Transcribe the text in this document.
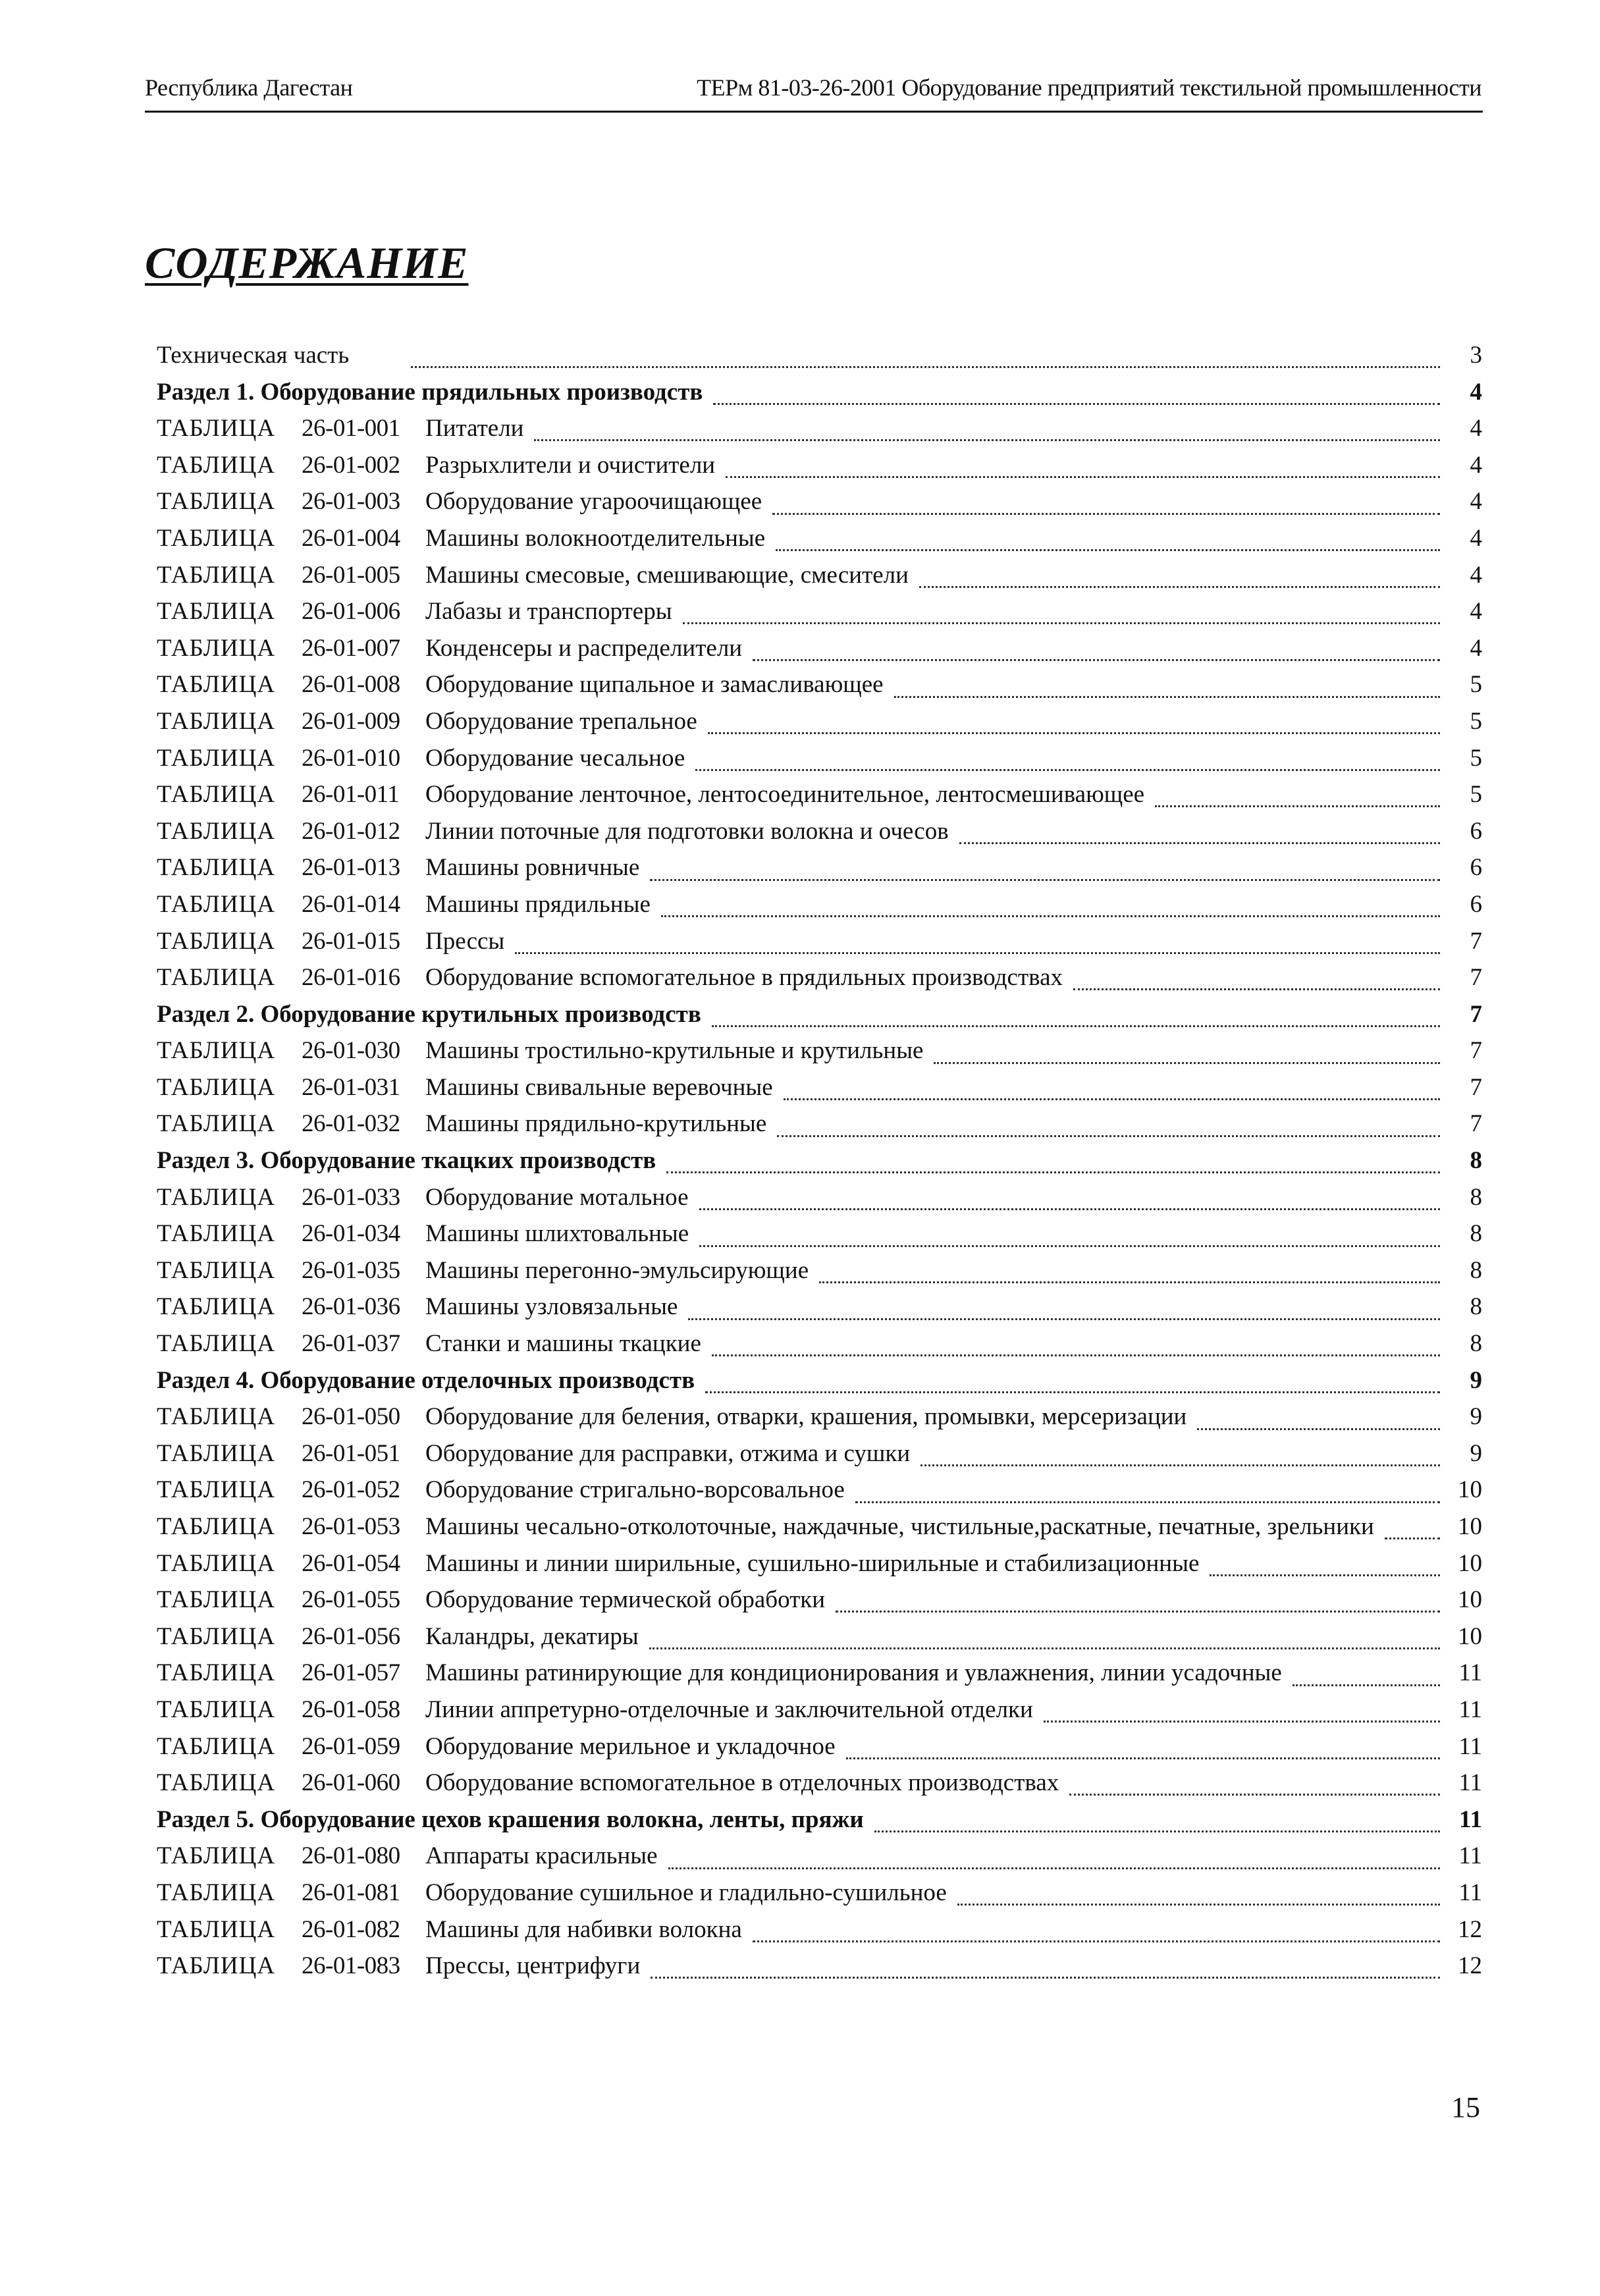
Республика Дагестан	ТЕРм 81-03-26-2001 Оборудование предприятий текстильной промышленности
СОДЕРЖАНИЕ
Техническая часть	3
Раздел 1. Оборудование прядильных производств	4
ТАБЛИЦА	26-01-001	Питатели	4
ТАБЛИЦА	26-01-002	Разрыхлители и очистители	4
ТАБЛИЦА	26-01-003	Оборудование угароочищающее	4
ТАБЛИЦА	26-01-004	Машины волокноотделительные	4
ТАБЛИЦА	26-01-005	Машины смесовые, смешивающие, смесители	4
ТАБЛИЦА	26-01-006	Лабазы и транспортеры	4
ТАБЛИЦА	26-01-007	Конденсеры и распределители	4
ТАБЛИЦА	26-01-008	Оборудование щипальное и замасливающее	5
ТАБЛИЦА	26-01-009	Оборудование трепальное	5
ТАБЛИЦА	26-01-010	Оборудование чесальное	5
ТАБЛИЦА	26-01-011	Оборудование ленточное, лентосоединительное, лентосмешивающее	5
ТАБЛИЦА	26-01-012	Линии поточные для подготовки волокна и очесов	6
ТАБЛИЦА	26-01-013	Машины ровничные	6
ТАБЛИЦА	26-01-014	Машины прядильные	6
ТАБЛИЦА	26-01-015	Прессы	7
ТАБЛИЦА	26-01-016	Оборудование вспомогательное в прядильных производствах	7
Раздел 2. Оборудование крутильных производств	7
ТАБЛИЦА	26-01-030	Машины тростильно-крутильные и крутильные	7
ТАБЛИЦА	26-01-031	Машины свивальные веревочные	7
ТАБЛИЦА	26-01-032	Машины прядильно-крутильные	7
Раздел 3. Оборудование ткацких производств	8
ТАБЛИЦА	26-01-033	Оборудование мотальное	8
ТАБЛИЦА	26-01-034	Машины шлихтовальные	8
ТАБЛИЦА	26-01-035	Машины перегонно-эмульсирующие	8
ТАБЛИЦА	26-01-036	Машины узловязальные	8
ТАБЛИЦА	26-01-037	Станки и машины ткацкие	8
Раздел 4. Оборудование отделочных производств	9
ТАБЛИЦА	26-01-050	Оборудование для беления, отварки, крашения, промывки, мерсеризации	9
ТАБЛИЦА	26-01-051	Оборудование для расправки, отжима и сушки	9
ТАБЛИЦА	26-01-052	Оборудование стригально-ворсовальное	10
ТАБЛИЦА	26-01-053	Машины чесально-отколоточные, наждачные, чистильные,раскатные, печатные, зрельники	10
ТАБЛИЦА	26-01-054	Машины и линии ширильные, сушильно-ширильные и стабилизационные	10
ТАБЛИЦА	26-01-055	Оборудование термической обработки	10
ТАБЛИЦА	26-01-056	Каландры, декатиры	10
ТАБЛИЦА	26-01-057	Машины ратинирующие для кондиционирования и увлажнения, линии усадочные	11
ТАБЛИЦА	26-01-058	Линии аппретурно-отделочные и заключительной отделки	11
ТАБЛИЦА	26-01-059	Оборудование мерильное и укладочное	11
ТАБЛИЦА	26-01-060	Оборудование вспомогательное в отделочных производствах	11
Раздел 5. Оборудование цехов крашения волокна, ленты, пряжи	11
ТАБЛИЦА	26-01-080	Аппараты красильные	11
ТАБЛИЦА	26-01-081	Оборудование сушильное и гладильно-сушильное	11
ТАБЛИЦА	26-01-082	Машины для набивки волокна	12
ТАБЛИЦА	26-01-083	Прессы, центрифуги	12
15
